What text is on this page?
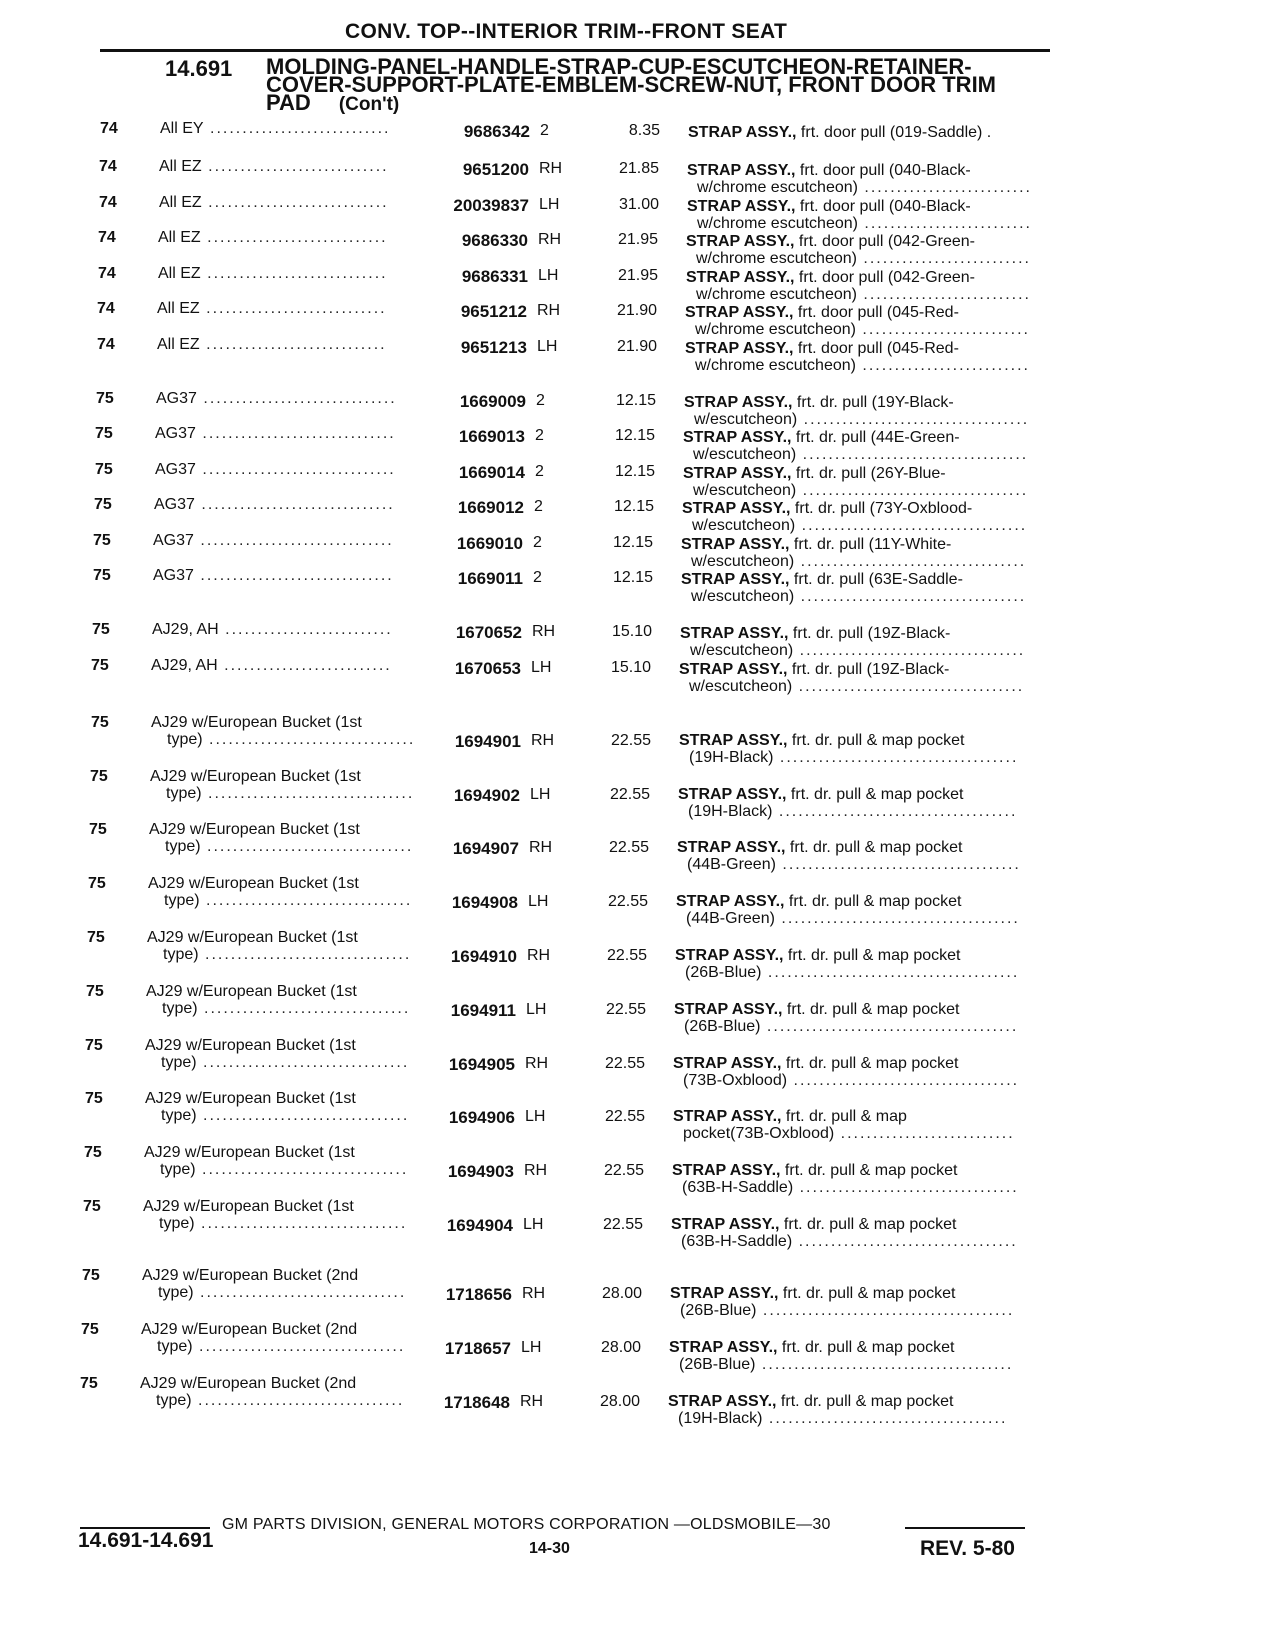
CONV. TOP--INTERIOR TRIM--FRONT SEAT
14.691 MOLDING-PANEL-HANDLE-STRAP-CUP-ESCUTCHEON-RETAINER-
COVER-SUPPORT-PLATE-EMBLEM-SCREW-NUT, FRONT DOOR TRIM
PAD (Con't)
74	All EY ............................	9686342 2	8.35 STRAP ASSY., frt. door pull (019-Saddle) .
74	All EZ ............................	9651200 RH	21.85 STRAP ASSY., frt. door pull (040-Black-
w/chrome escutcheon) ..........................
74	All EZ ............................	20039837 LH	31.00 STRAP ASSY., frt. door pull (040-Black-
w/chrome escutcheon) ..........................
74	All EZ ............................	9686330 RH	21.95 STRAP ASSY., frt. door pull (042-Green-
w/chrome escutcheon) ..........................
74	All EZ ............................	9686331 LH	21.95 STRAP ASSY., frt. door pull (042-Green-
w/chrome escutcheon) ..........................
74	All EZ ............................	9651212 RH	21.90 STRAP ASSY., frt. door pull (045-Red-
w/chrome escutcheon) ..........................
74	All EZ ............................	9651213 LH	21.90 STRAP ASSY., frt. door pull (045-Red-
w/chrome escutcheon) ..........................
75	AG37 ..............................	1669009 2	12.15 STRAP ASSY., frt. dr. pull (19Y-Black-
w/escutcheon) ...................................
75	AG37 ..............................	1669013 2	12.15 STRAP ASSY., frt. dr. pull (44E-Green-
w/escutcheon) ...................................
75	AG37 ..............................	1669014 2	12.15 STRAP ASSY., frt. dr. pull (26Y-Blue-
w/escutcheon) ...................................
75	AG37 ..............................	1669012 2	12.15 STRAP ASSY., frt. dr. pull (73Y-Oxblood-
w/escutcheon) ...................................
75	AG37 ..............................	1669010 2	12.15 STRAP ASSY., frt. dr. pull (11Y-White-
w/escutcheon) ...................................
75	AG37 ..............................	1669011 2	12.15 STRAP ASSY., frt. dr. pull (63E-Saddle-
w/escutcheon) ...................................
75	AJ29, AH ..........................	1670652 RH	15.10 STRAP ASSY., frt. dr. pull (19Z-Black-
w/escutcheon) ...................................
75	AJ29, AH ..........................	1670653 LH	15.10 STRAP ASSY., frt. dr. pull (19Z-Black-
w/escutcheon) ...................................
75	AJ29 w/European Bucket (1st
type) ................................	1694901 RH	22.55 STRAP ASSY., frt. dr. pull & map pocket
(19H-Black) .....................................
75	AJ29 w/European Bucket (1st
type) ................................	1694902 LH	22.55 STRAP ASSY., frt. dr. pull & map pocket
(19H-Black) .....................................
75	AJ29 w/European Bucket (1st
type) ................................	1694907 RH	22.55 STRAP ASSY., frt. dr. pull & map pocket
(44B-Green) .....................................
75	AJ29 w/European Bucket (1st
type) ................................	1694908 LH	22.55 STRAP ASSY., frt. dr. pull & map pocket
(44B-Green) .....................................
75	AJ29 w/European Bucket (1st
type) ................................	1694910 RH	22.55 STRAP ASSY., frt. dr. pull & map pocket
(26B-Blue) .......................................
75	AJ29 w/European Bucket (1st
type) ................................	1694911 LH	22.55 STRAP ASSY., frt. dr. pull & map pocket
(26B-Blue) .......................................
75	AJ29 w/European Bucket (1st
type) ................................	1694905 RH	22.55 STRAP ASSY., frt. dr. pull & map pocket
(73B-Oxblood) ...................................
75	AJ29 w/European Bucket (1st
type) ................................	1694906 LH	22.55 STRAP ASSY., frt. dr. pull & map
pocket(73B-Oxblood) ...........................
75	AJ29 w/European Bucket (1st
type) ................................	1694903 RH	22.55 STRAP ASSY., frt. dr. pull & map pocket
(63B-H-Saddle) ..................................
75	AJ29 w/European Bucket (1st
type) ................................	1694904 LH	22.55 STRAP ASSY., frt. dr. pull & map pocket
(63B-H-Saddle) ..................................
75	AJ29 w/European Bucket (2nd
type) ................................	1718656 RH	28.00 STRAP ASSY., frt. dr. pull & map pocket
(26B-Blue) .......................................
75	AJ29 w/European Bucket (2nd
type) ................................	1718657 LH	28.00 STRAP ASSY., frt. dr. pull & map pocket
(26B-Blue) .......................................
75	AJ29 w/European Bucket (2nd
type) ................................	1718648 RH	28.00 STRAP ASSY., frt. dr. pull & map pocket
(19H-Black) .....................................
GM PARTS DIVISION, GENERAL MOTORS CORPORATION —OLDSMOBILE—30
14.691-14.691	14-30	REV. 5-80
